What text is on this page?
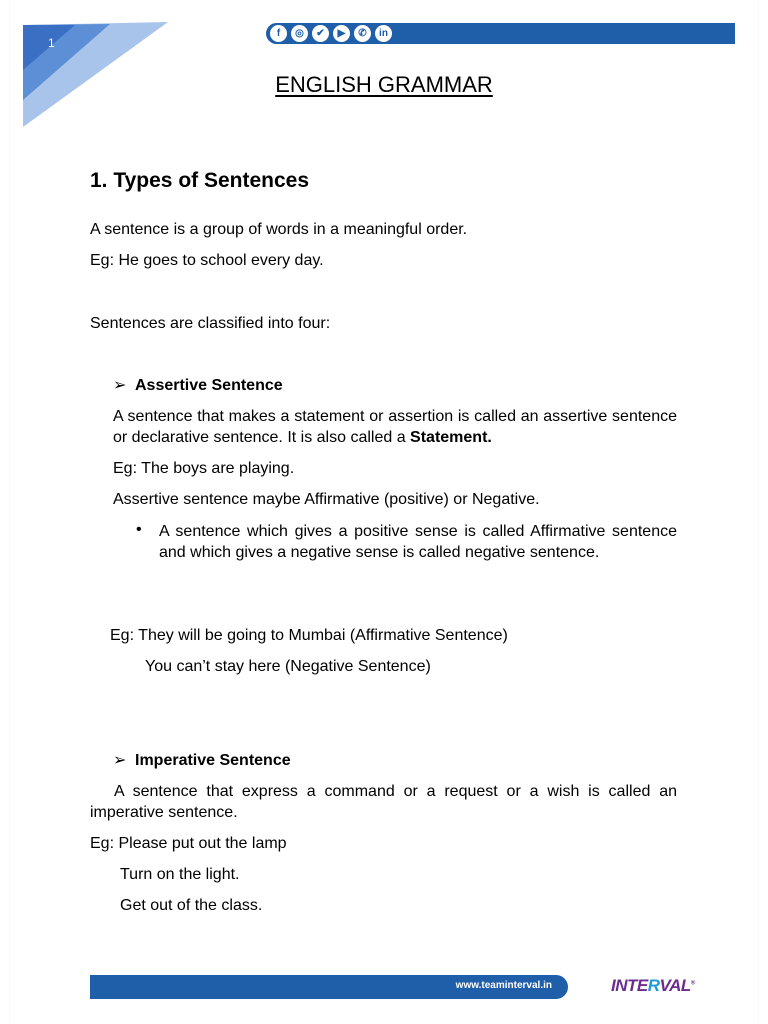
1
f	◎	✔	▶	✆	in
ENGLISH GRAMMAR
1. Types of Sentences
A sentence is a group of words in a meaningful order.
Eg: He goes to school every day.
Sentences are classified into four:
➢ Assertive Sentence
A sentence that makes a statement or assertion is called an assertive sentence or declarative sentence. It is also called a Statement.
Eg: The boys are playing.
Assertive sentence maybe Affirmative (positive) or Negative.
• A sentence which gives a positive sense is called Affirmative sentence and which gives a negative sense is called negative sentence.
Eg: They will be going to Mumbai (Affirmative Sentence)
You can’t stay here (Negative Sentence)
➢ Imperative Sentence
A sentence that express a command or a request or a wish is called an imperative sentence.
Eg: Please put out the lamp
Turn on the light.
Get out of the class.
www.teaminterval.in	INTERVAL®
